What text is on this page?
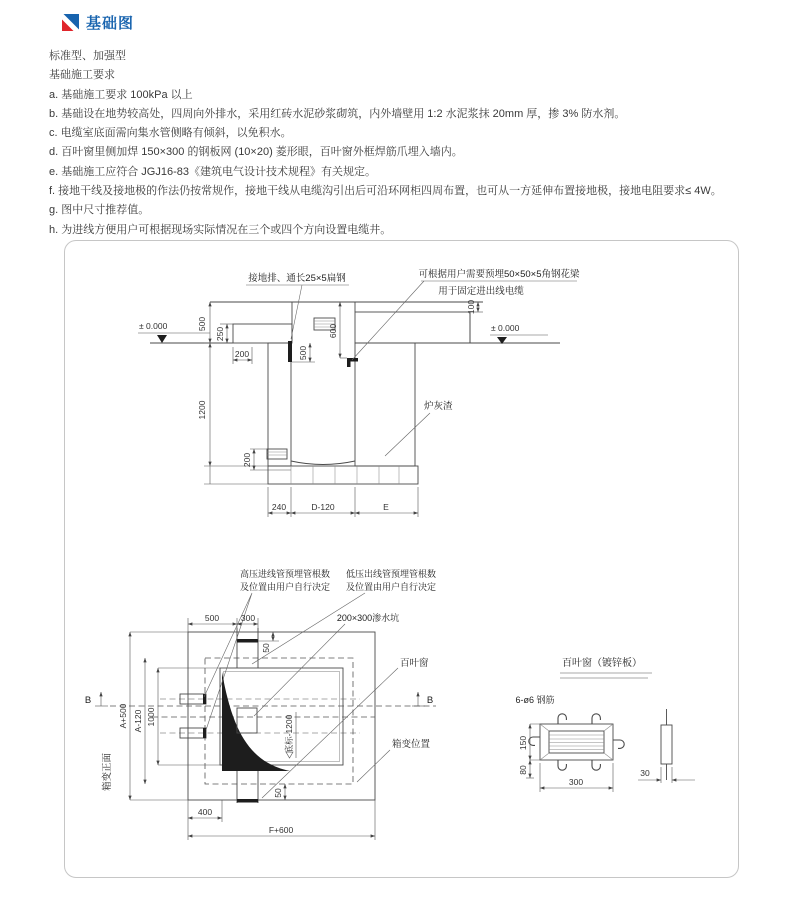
基础图
标准型、加强型
基础施工要求
a. 基础施工要求 100kPa 以上
b. 基础设在地势较高处，四周向外排水，采用红砖水泥砂浆砌筑，内外墙壁用 1:2 水泥浆抹 20mm 厚，掺 3% 防水剂。
c. 电缆室底面需向集水管侧略有倾斜，以免积水。
d. 百叶窗里侧加焊 150×300 的钢板网 (10×20) 菱形眼，百叶窗外框焊筋爪埋入墙内。
e. 基础施工应符合 JGJ16-83《建筑电气设计技术规程》有关规定。
f. 接地干线及接地极的作法仍按常规作，接地干线从电缆沟引出后可沿环网柜四周布置，也可从一方延伸布置接地极，接地电阻要求≤ 4W。
g. 图中尺寸推荐值。
h. 为进线方便用户可根据现场实际情况在三个或四个方向设置电缆井。
± 0.000	± 0.000
接地排、通长25×5扁钢	可根据用户需要预埋50×50×5角钢花梁
用于固定进出线电缆
炉灰渣
500
1200
250
200	500
600
100
240	D-120	E
200
底标-1200
B	B
高压进线管预埋管根数
及位置由用户自行决定
低压出线管预埋管根数
及位置由用户自行决定
200×300渗水坑
百叶窗
箱变位置
箱变正面
500	300
50
A+500 A-120 1000
400
F+600
50
百叶窗（镀锌板）
6-ø6 钢筋
150
80
300
30
